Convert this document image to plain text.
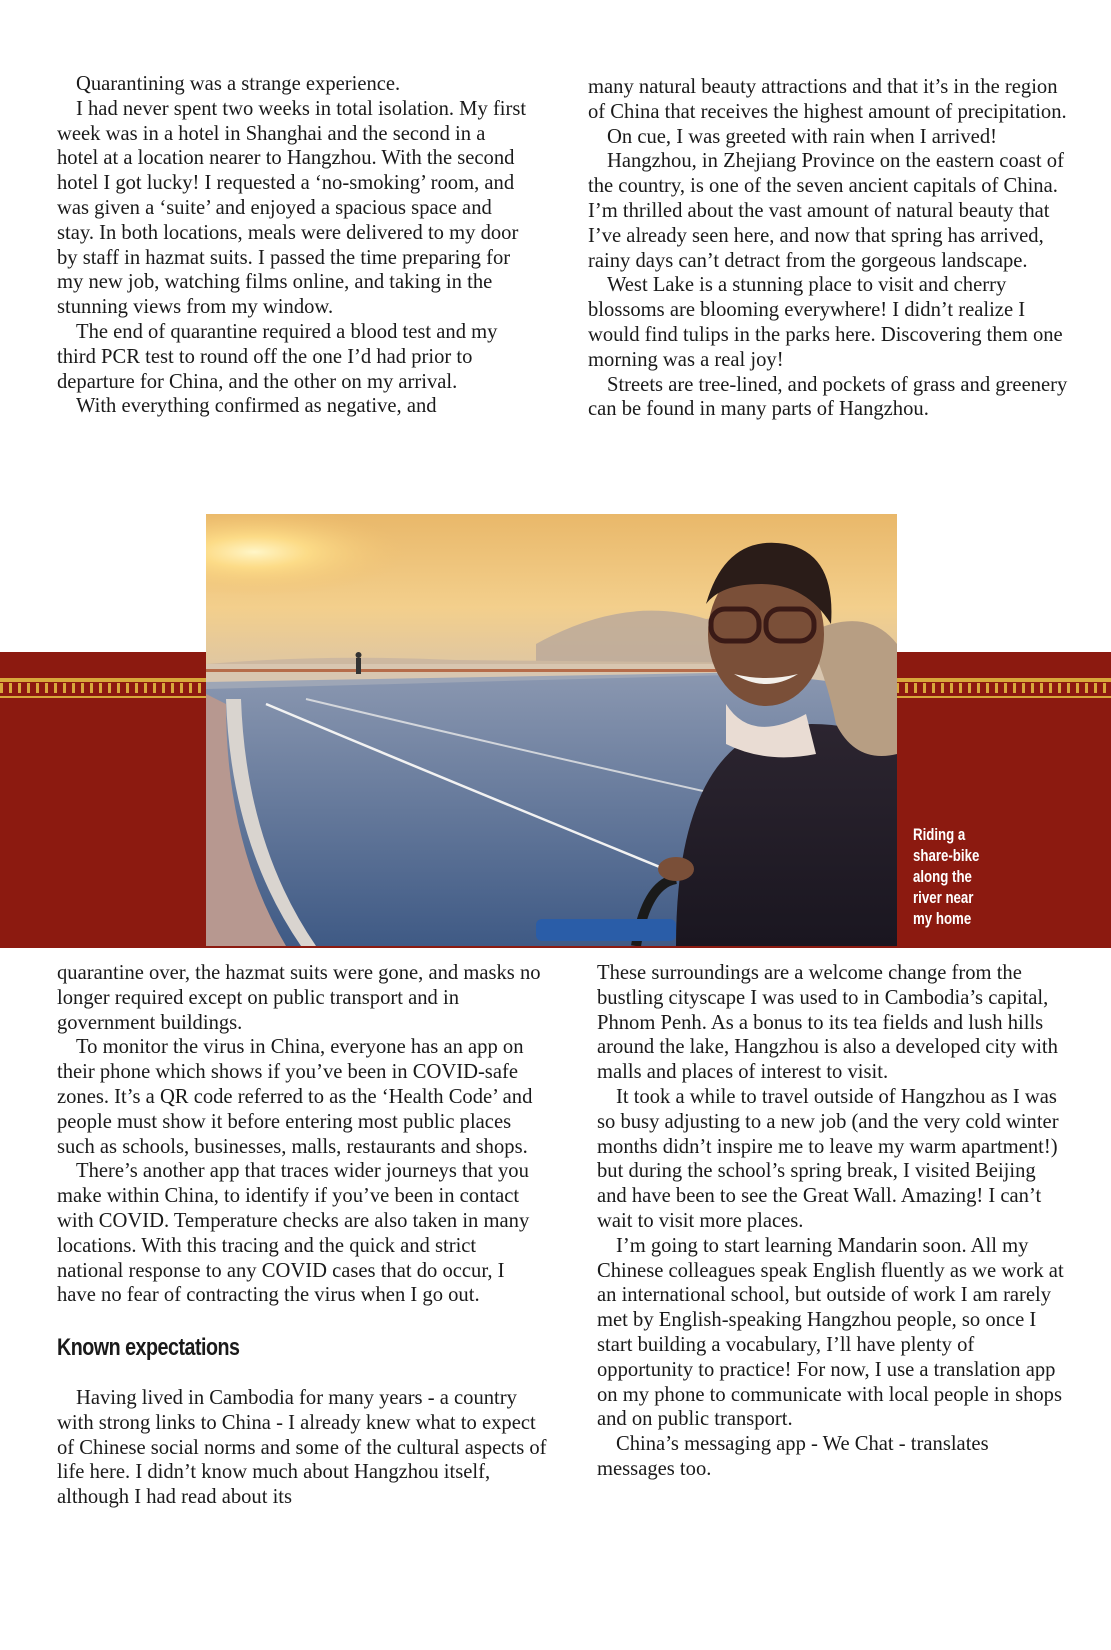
Quarantining was a strange experience.

I had never spent two weeks in total isolation. My first week was in a hotel in Shanghai and the second in a hotel at a location nearer to Hangzhou. With the second hotel I got lucky! I requested a ‘no-smoking’ room, and was given a ‘suite’ and enjoyed a spacious space and stay. In both locations, meals were delivered to my door by staff in hazmat suits. I passed the time preparing for my new job, watching films online, and taking in the stunning views from my window.

The end of quarantine required a blood test and my third PCR test to round off the one I’d had prior to departure for China, and the other on my arrival.

With everything confirmed as negative, and

many natural beauty attractions and that it’s in the region of China that receives the highest amount of precipitation.

On cue, I was greeted with rain when I arrived!

Hangzhou, in Zhejiang Province on the eastern coast of the country, is one of the seven ancient capitals of China. I’m thrilled about the vast amount of natural beauty that I’ve already seen here, and now that spring has arrived, rainy days can’t detract from the gorgeous landscape.

West Lake is a stunning place to visit and cherry blossoms are blooming everywhere! I didn’t realize I would find tulips in the parks here. Discovering them one morning was a real joy!

Streets are tree-lined, and pockets of grass and greenery can be found in many parts of Hangzhou.

Riding a share-bike along the river near my home

quarantine over, the hazmat suits were gone, and masks no longer required except on public transport and in government buildings.

To monitor the virus in China, everyone has an app on their phone which shows if you’ve been in COVID-safe zones. It’s a QR code referred to as the ‘Health Code’ and people must show it before entering most public places such as schools, businesses, malls, restaurants and shops.

There’s another app that traces wider journeys that you make within China, to identify if you’ve been in contact with COVID. Temperature checks are also taken in many locations. With this tracing and the quick and strict national response to any COVID cases that do occur, I have no fear of contracting the virus when I go out.

Known expectations

Having lived in Cambodia for many years - a country with strong links to China - I already knew what to expect of Chinese social norms and some of the cultural aspects of life here. I didn’t know much about Hangzhou itself, although I had read about its

These surroundings are a welcome change from the bustling cityscape I was used to in Cambodia’s capital, Phnom Penh. As a bonus to its tea fields and lush hills around the lake, Hangzhou is also a developed city with malls and places of interest to visit.

It took a while to travel outside of Hangzhou as I was so busy adjusting to a new job (and the very cold winter months didn’t inspire me to leave my warm apartment!) but during the school’s spring break, I visited Beijing and have been to see the Great Wall. Amazing! I can’t wait to visit more places.

I’m going to start learning Mandarin soon. All my Chinese colleagues speak English fluently as we work at an international school, but outside of work I am rarely met by English-speaking Hangzhou people, so once I start building a vocabulary, I’ll have plenty of opportunity to practice! For now, I use a translation app on my phone to communicate with local people in shops and on public transport.

China’s messaging app - We Chat - translates messages too.
